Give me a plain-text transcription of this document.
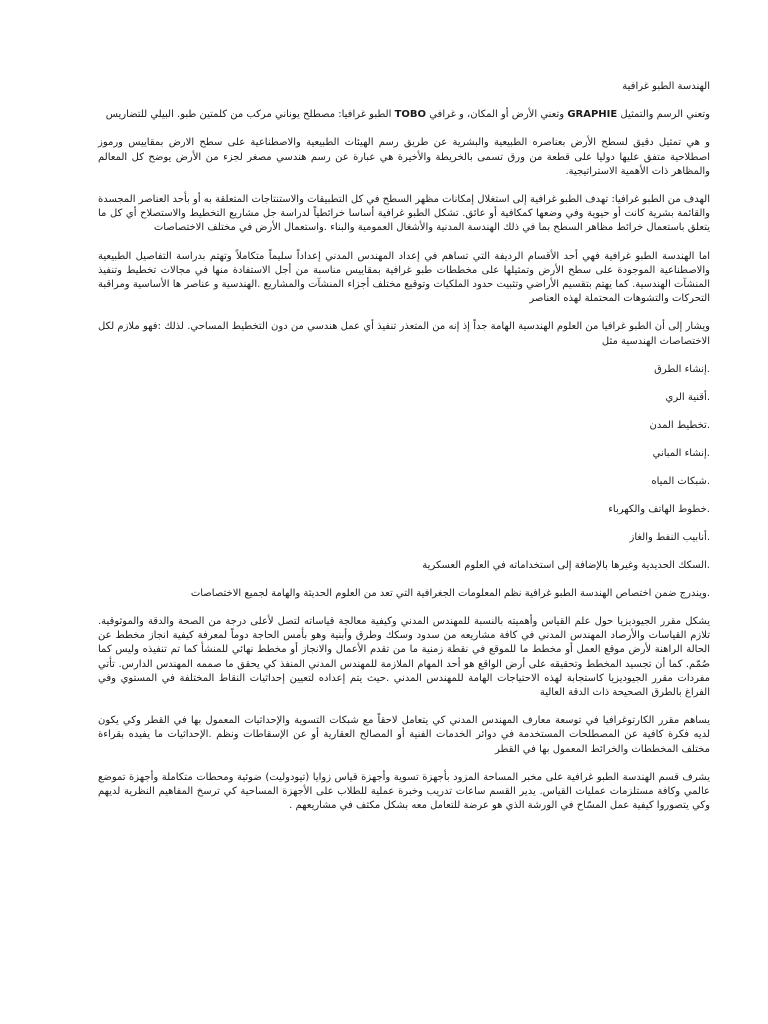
الهندسة الطبو غرافية
وتعني الرسم والتمثيل GRAPHIE وتعني الأرض أو المكان، و غرافي TOBO الطبو غرافيا: مصطلح يوناني مركب من كلمتين طبو. البيلي للتضاريس
و هي تمثيل دقيق لسطح الأرض بعناصره الطبيعية والبشرية عن طريق رسم الهيئات الطبيعية والاصطناعية على سطح الارض بمقاييس ورموز اصطلاحية متفق عليها دوليا على قطعة من ورق تسمى بالخريطة والأخيرة هي عبارة عن رسم هندسي مصغر لجزء من الأرض يوضح كل المعالم والمظاهر ذات الأهمية الاستراتيجية.
الهدف من الطبو غرافيا: تهدف الطبو غرافية إلى استغلال إمكانات مظهر السطح في كل التطبيقات والاستنتاجات المتعلقة به أو بأحد العناصر المجسدة والقائمة بشرية كانت أو حيوية وفي وضعها كمكافية أو عائق. تشكل الطبو غرافية أساسا خرائطياً لدراسة جل مشاريع التخطيط والاستصلاح أي كل ما يتعلق باستعمال خرائط مظاهر السطح بما في ذلك الهندسة المدنية والأشغال العمومية والبناء .واستعمال الأرض في مختلف الاختصاصات
اما الهندسة الطبو غرافية فهي أحد الأقسام الرديفة التي تساهم في إعداد المهندس المدني إعداداً سليماً متكاملاً وتهتم بدراسة التفاصيل الطبيعية والاصطناعية الموجودة على سطح الأرض وتمثيلها على مخططات طبو غرافية بمقاييس مناسبة من أجل الاستفادة منها في مجالات تخطيط وتنفيذ المنشآت الهندسية. كما يهتم بتقسيم الأراضي وتثبيت حدود الملكيات وتوقيع مختلف أجزاء المنشآت والمشاريع .الهندسية و عناصر ها الأساسية ومراقبة التحركات والتشوهات المحتملة لهذه العناصر
ويشار إلى أن الطبو غرافيا من العلوم الهندسية الهامة جداً إذ إنه من المتعذر تنفيذ أي عمل هندسي من دون التخطيط المساحي. لذلك :فهو ملازم لكل الاختصاصات الهندسية مثل
.إنشاء الطرق
.أقنية الري
.تخطيط المدن
.إنشاء المباني
.شبكات المياه
.خطوط الهاتف والكهرباء
.أنابيب النفط والغاز
.السكك الحديدية وغيرها بالإضافة إلى استخداماته في العلوم العسكرية
.ويندرج ضمن اختصاص الهندسة الطبو غرافية نظم المعلومات الجغرافية التي تعد من العلوم الحديثة والهامة لجميع الاختصاصات
يشكل مقرر الجيوديزيا حول علم القياس وأهميته بالنسبة للمهندس المدني وكيفية معالجة قياساته لتصل لأعلى درجة من الصحة والدقة والموثوقية. تلازم القياسات والأرصاد المهندس المدني في كافة مشاريعه من سدود وسكك وطرق وأبنية وهو بأمس الحاجة دوماً لمعرفة كيفية انجاز مخطط عن الحالة الراهنة لأرض موقع العمل أو مخطط ما للموقع في نقطة زمنية ما من تقدم الأعمال والانجاز أو مخطط نهائي للمنشأ كما تم تنفيذه وليس كما صُمّم. كما أن تجسيد المخطط وتحقيقه على أرض الواقع هو أحد المهام الملازمة للمهندس المدني المنفذ كي يحقق ما صممه المهندس الدارس. تأتي مفردات مقرر الجيوديزيا كاستجابة لهذه الاحتياجات الهامة للمهندس المدني .حيث يتم إعداده لتعيين إحداثيات النقاط المختلفة في المستوي وفي الفراغ بالطرق الصحيحة ذات الدقة العالية
يساهم مقرر الكارتوغرافيا في توسعة معارف المهندس المدني كي يتعامل لاحقاً مع شبكات التسوية والإحداثيات المعمول بها في القطر وكي يكون لديه فكرة كافية عن المصطلحات المستخدمة في دوائر الخدمات الفنية أو المصالح العقارية أو عن الإسقاطات ونظم .الإحداثيات ما يفيده بقراءة مختلف المخططات والخرائط المعمول بها في القطر
يشرف قسم الهندسة الطبو غرافية على مخبر المساحة المزود بأجهزة تسوية وأجهزة قياس زوايا (تيودوليت) ضوئية ومحطات متكاملة وأجهزة تموضع عالمي وكافة مستلزمات عمليات القياس. يدير القسم ساعات تدريب وخبرة عملية للطلاب على الأجهزة المساحية كي ترسخ المفاهيم النظرية لديهم وكي يتصوروا كيفية عمل المسّاح في الورشة الذي هو عرضة للتعامل معه بشكل مكثف في مشاريعهم .
